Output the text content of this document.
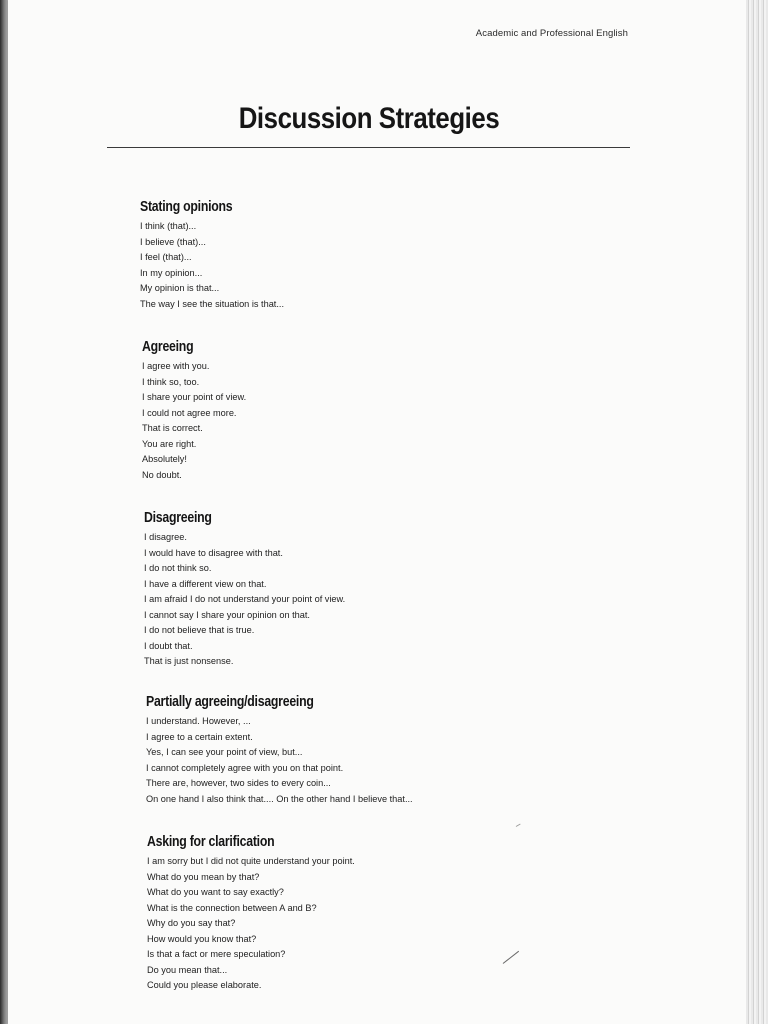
Academic and Professional English
Discussion Strategies
Stating opinions
I think (that)...
I believe (that)...
I feel (that)...
In my opinion...
My opinion is that...
The way I see the situation is that...
Agreeing
I agree with you.
I think so, too.
I share your point of view.
I could not agree more.
That is correct.
You are right.
Absolutely!
No doubt.
Disagreeing
I disagree.
I would have to disagree with that.
I do not think so.
I have a different view on that.
I am afraid I do not understand your point of view.
I cannot say I share your opinion on that.
I do not believe that is true.
I doubt that.
That is just nonsense.
Partially agreeing/disagreeing
I understand. However, ...
I agree to a certain extent.
Yes, I can see your point of view, but...
I cannot completely agree with you on that point.
There are, however, two sides to every coin...
On one hand I also think that.... On the other hand I believe that...
Asking for clarification
I am sorry but I did not quite understand your point.
What do you mean by that?
What do you want to say exactly?
What is the connection between A and B?
Why do you say that?
How would you know that?
Is that a fact or mere speculation?
Do you mean that...
Could you please elaborate.
